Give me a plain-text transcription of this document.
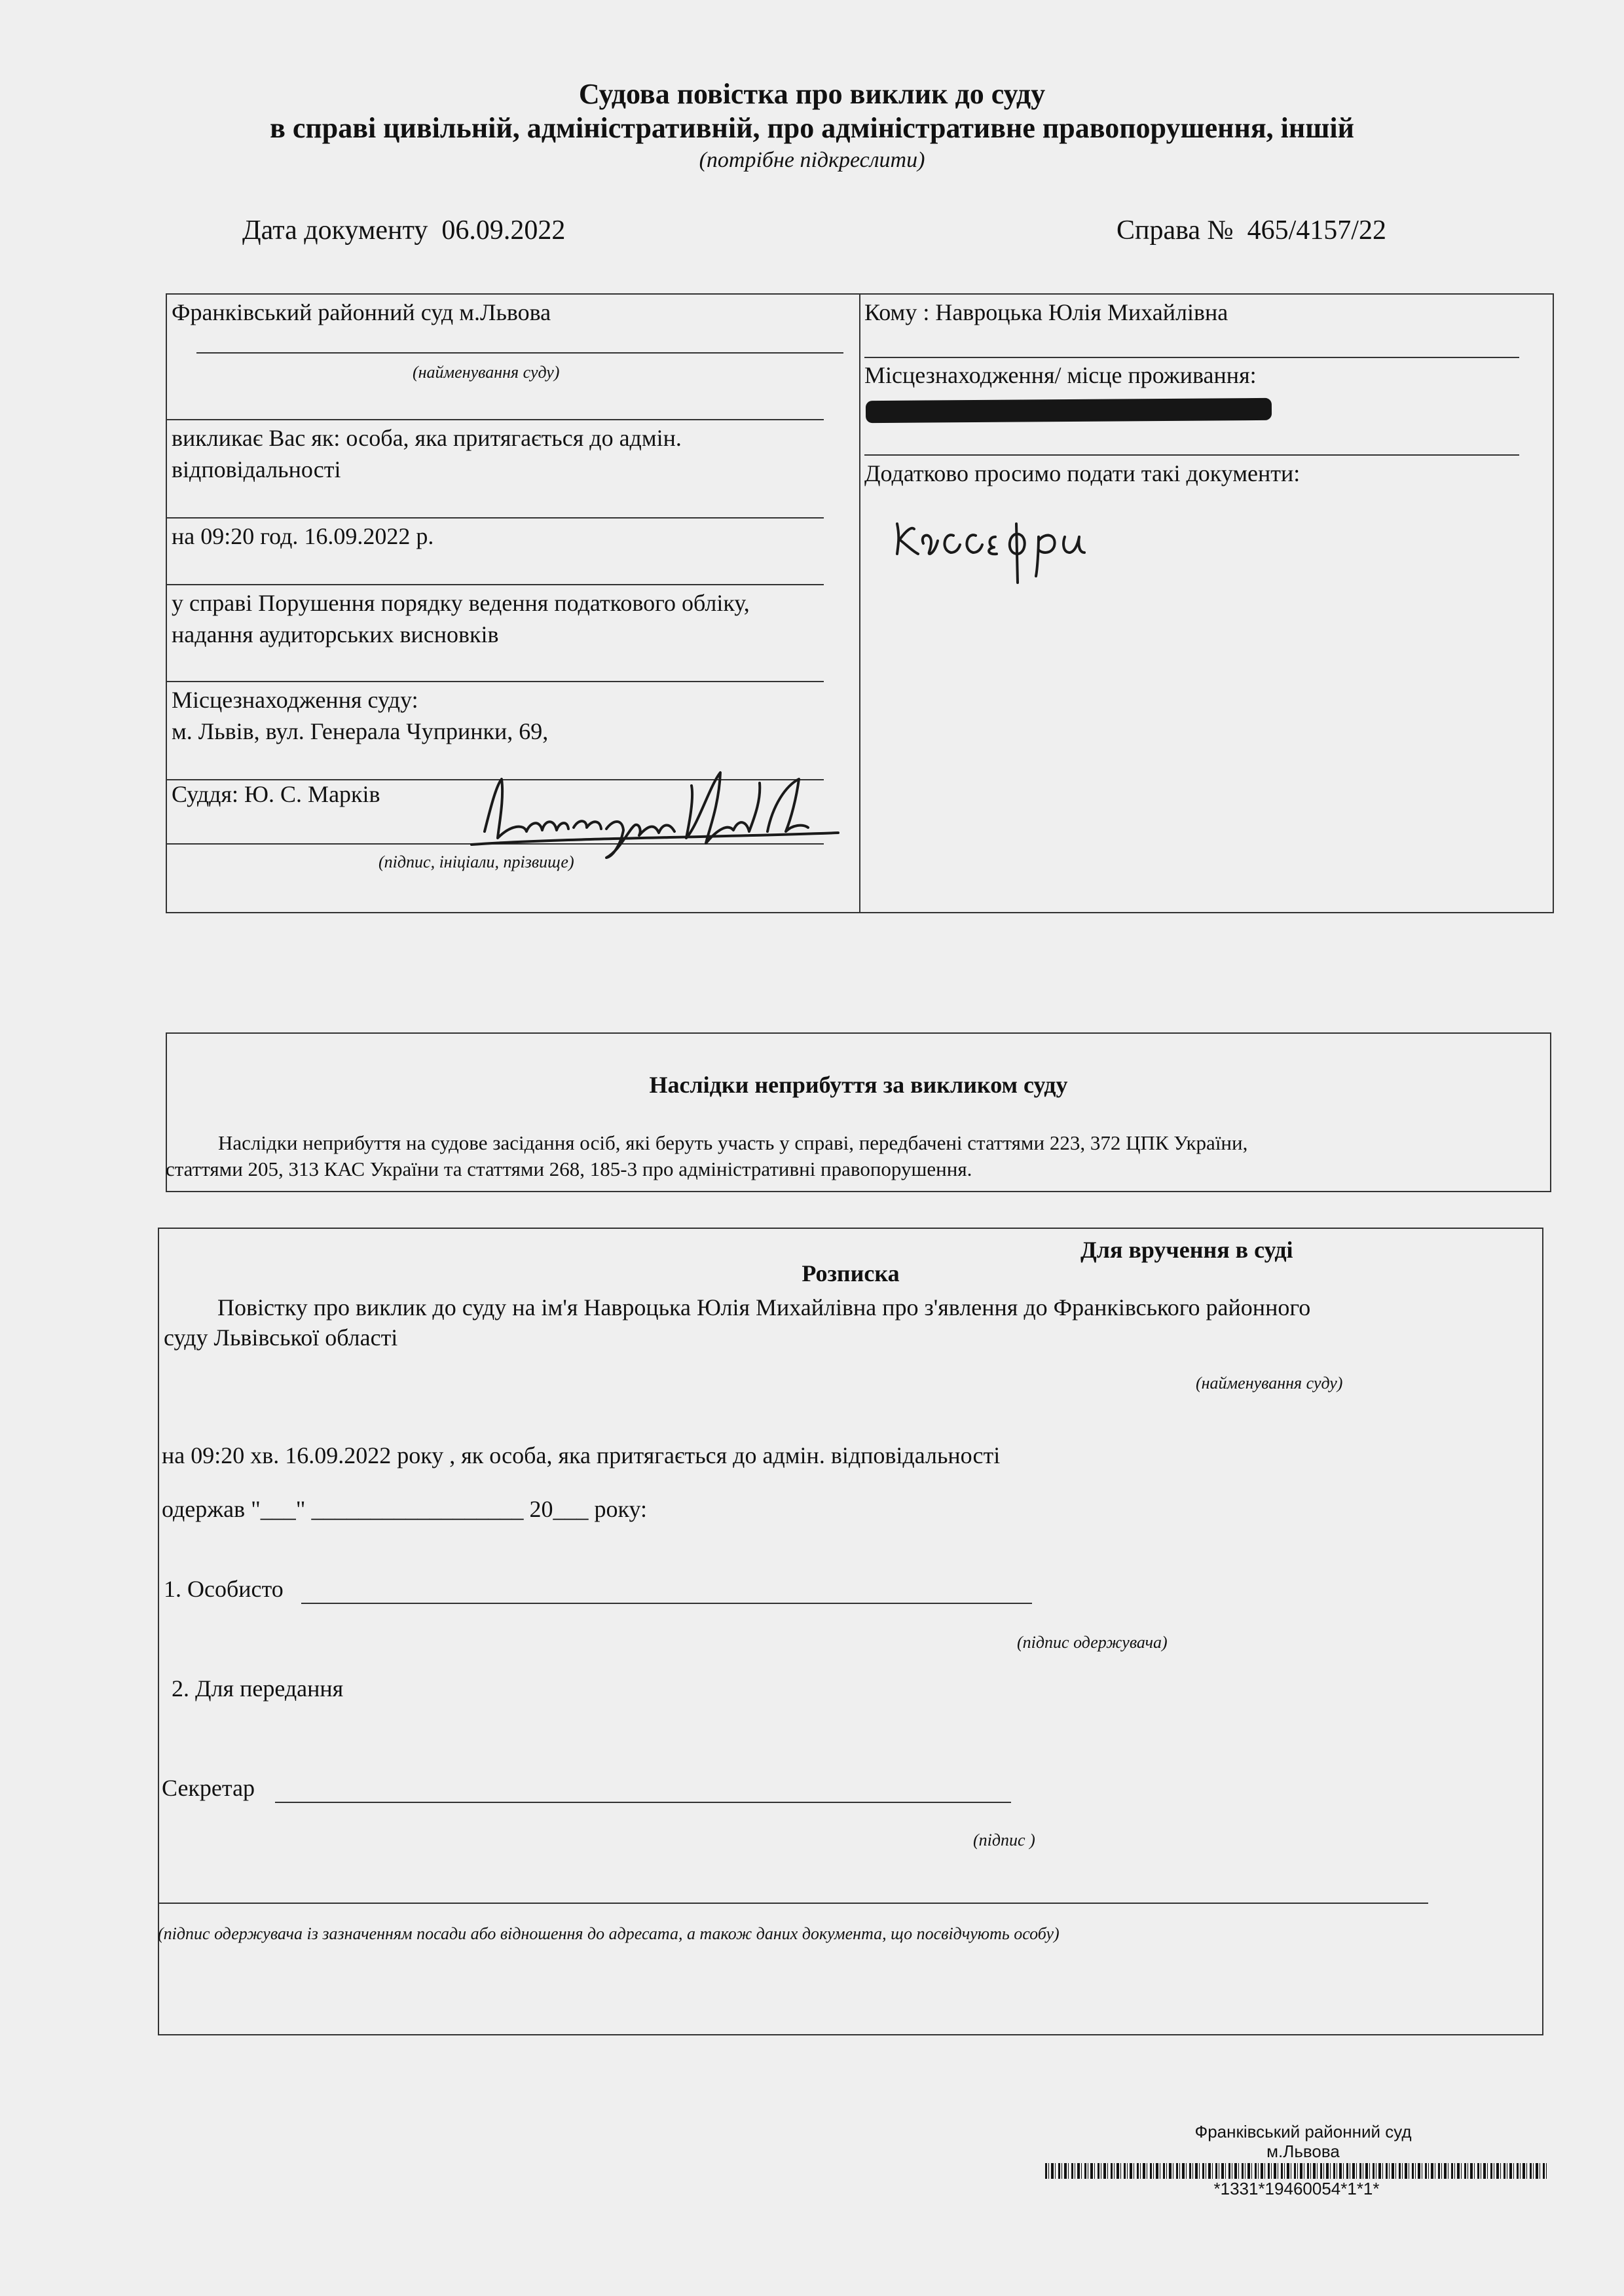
Судова повістка про виклик до суду
в справі цивільній, адміністративній, про адміністративне правопорушення, іншій
(потрібне підкреслити)
Дата документу 06.09.2022	Справа № 465/4157/22
Франківський районний суд м.Львова
(найменування суду)
викликає Вас як: особа, яка притягається до адмін.
відповідальності
на 09:20 год. 16.09.2022 р.
у справі Порушення порядку ведення податкового обліку,
надання аудиторських висновків
Місцезнаходження суду:
м. Львів, вул. Генерала Чупринки, 69,
Суддя: Ю. С. Марків
(підпис, ініціали, прізвище)
Кому : Навроцька Юлія Михайлівна
Місцезнаходження/ місце проживання:
Додатково просимо подати такі документи:
Наслідки неприбуття за викликом суду
Наслідки неприбуття на судове засідання осіб, які беруть участь у справі, передбачені статтями 223, 372 ЦПК України,
статтями 205, 313 КАС України та статтями 268, 185-3 про адміністративні правопорушення.
Для вручення в суді
Розписка
Повістку про виклик до суду на ім'я Навроцька Юлія Михайлівна про з'явлення до Франківського районного
суду Львівської області
(найменування суду)
на 09:20 хв. 16.09.2022 року , як особа, яка притягається до адмін. відповідальності
одержав "___" __________________ 20___ року:
1. Особисто
(підпис одержувача)
2. Для передання
Секретар
(підпис )
(підпис одержувача із зазначенням посади або відношення до адресата, а також даних документа, що посвідчують особу)
Франківський районний суд
м.Львова
*1331*19460054*1*1*
